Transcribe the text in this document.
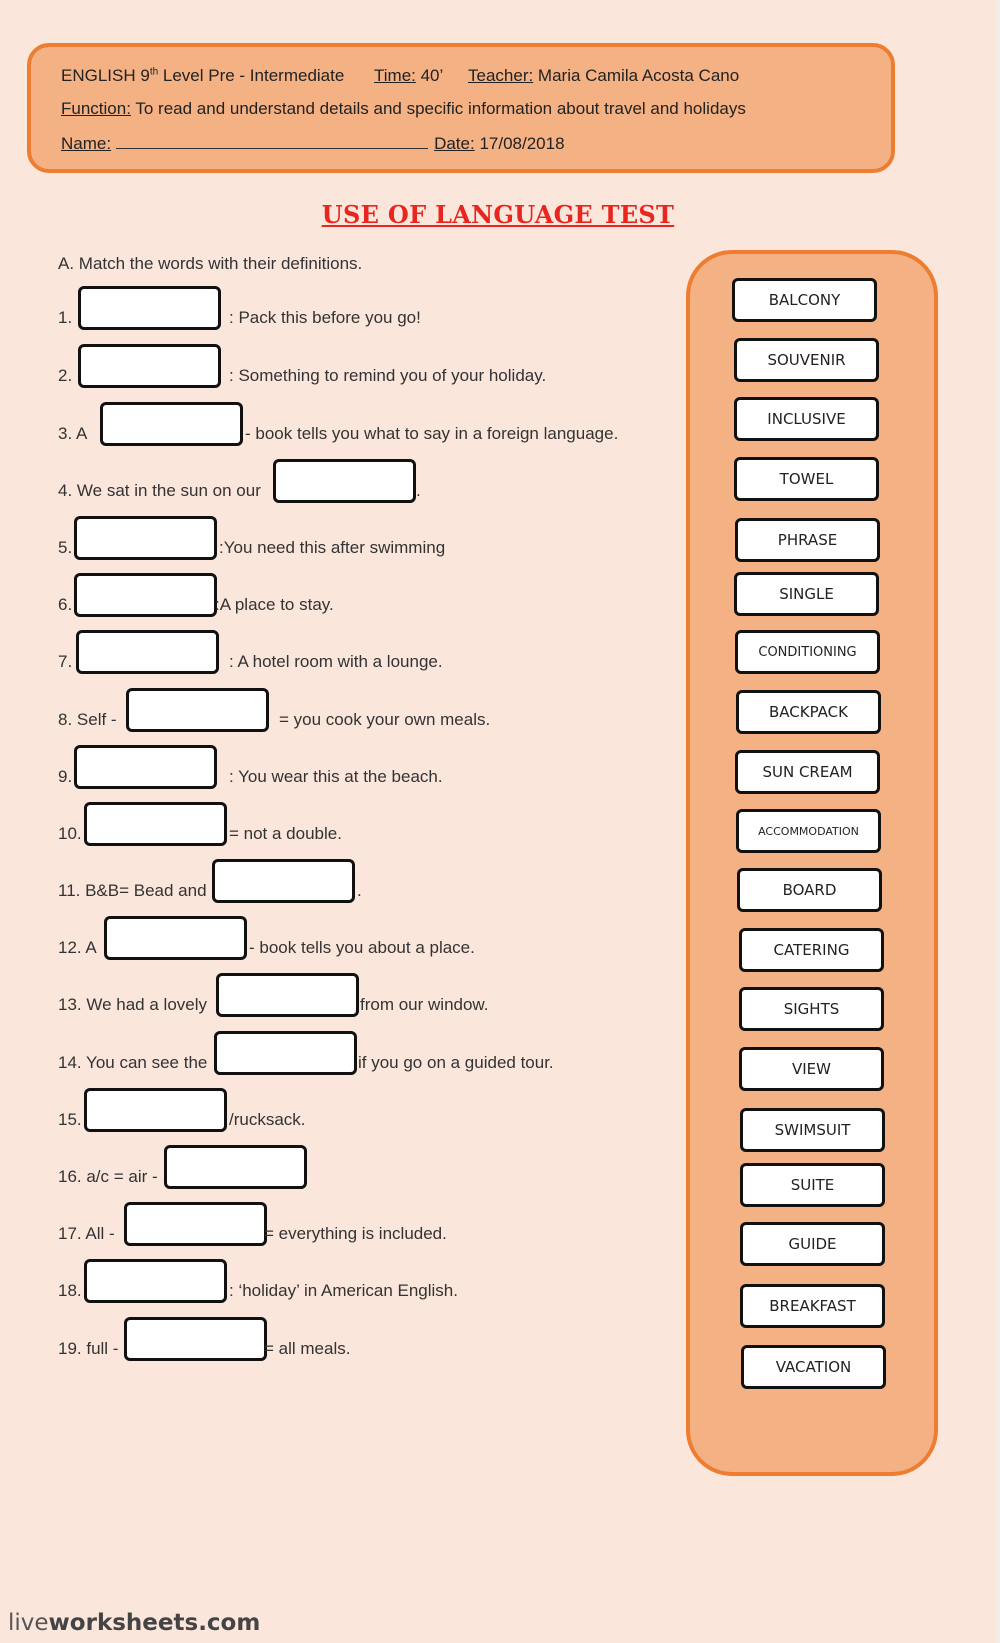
ENGLISH 9th Level Pre - Intermediate Time: 40’ Teacher: Maria Camila Acosta Cano
Function: To read and understand details and specific information about travel and holidays
Name:	Date: 17/08/2018
USE OF LANGUAGE TEST
A. Match the words with their definitions.
1.	: Pack this before you go!
2.	: Something to remind you of your holiday.
3. A	- book tells you what to say in a foreign language.
4. We sat in the sun on our	.
5.	:You need this after swimming
6.	:A place to stay.
7.	: A hotel room with a lounge.
8. Self -	= you cook your own meals.
9.	: You wear this at the beach.
10.	= not a double.
11. B&B= Bead and	.
12. A	- book tells you about a place.
13. We had a lovely	from our window.
14. You can see the	if you go on a guided tour.
15.	/rucksack.
16. a/c = air -
17. All -	= everything is included.
18.	: ‘holiday’ in American English.
19. full -	= all meals.
BALCONY
SOUVENIR
INCLUSIVE
TOWEL
PHRASE
SINGLE
CONDITIONING
BACKPACK
SUN CREAM
ACCOMMODATION
BOARD
CATERING
SIGHTS
VIEW
SWIMSUIT
SUITE
GUIDE
BREAKFAST
VACATION
liveworksheets.com
